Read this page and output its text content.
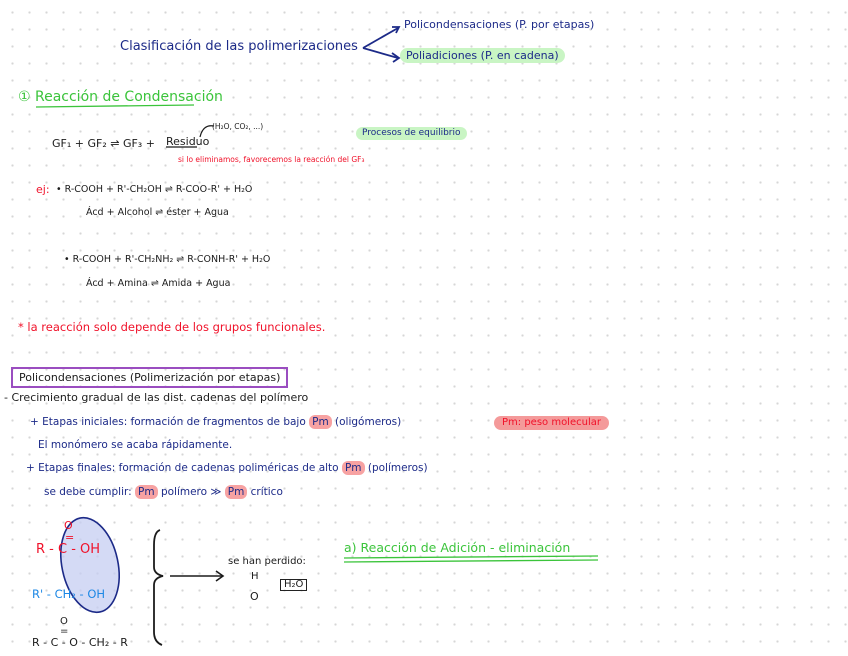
Clasificación de las polimerizaciones
Policondensaciones (P. por etapas)
Poliadiciones (P. en cadena)
① Reacción de Condensación
GF₁ + GF₂ ⇌ GF₃ + Residuo
(H₂O, CO₂, ...)
Procesos de equilibrio
si lo eliminamos, favorecemos la reacción del GF₃
ej: • R-COOH + R'-CH₂OH ⇌ R-COO-R' + H₂O
Ácd + Alcohol ⇌ éster + Agua
• R-COOH + R'-CH₂NH₂ ⇌ R-CONH-R' + H₂O
Ácd + Amina ⇌ Amida + Agua
* la reacción solo depende de los grupos funcionales.
Policondensaciones (Polimerización por etapas)
- Crecimiento gradual de las dist. cadenas del polímero
+ Etapas iniciales: formación de fragmentos de bajo Pm (oligómeros)	Pm: peso molecular
El monómero se acaba rápidamente.
+ Etapas finales: formación de cadenas poliméricas de alto Pm (polímeros)
se debe cumplir: Pm polímero ≫ Pm crítico
O
=
R - C - OH
R' - CH₂ - OH
O
=
R - C - O - CH₂ - R
se han perdido:
H
O
H₂O
a) Reacción de Adición - eliminación
